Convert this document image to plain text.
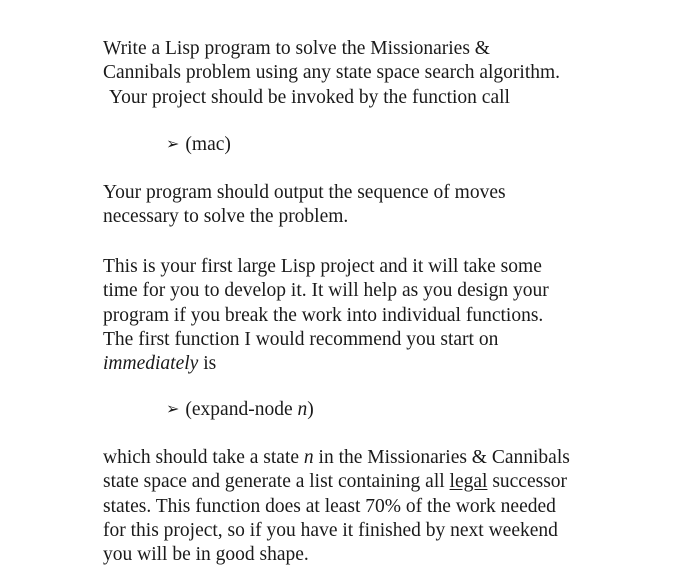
Write a Lisp program to solve the Missionaries &
Cannibals problem using any state space search algorithm.
Your project should be invoked by the function call
➢ (mac)
Your program should output the sequence of moves
necessary to solve the problem.
This is your first large Lisp project and it will take some
time for you to develop it. It will help as you design your
program if you break the work into individual functions.
The first function I would recommend you start on
immediately is
➢ (expand-node n)
which should take a state n in the Missionaries & Cannibals
state space and generate a list containing all legal successor
states. This function does at least 70% of the work needed
for this project, so if you have it finished by next weekend
you will be in good shape.
